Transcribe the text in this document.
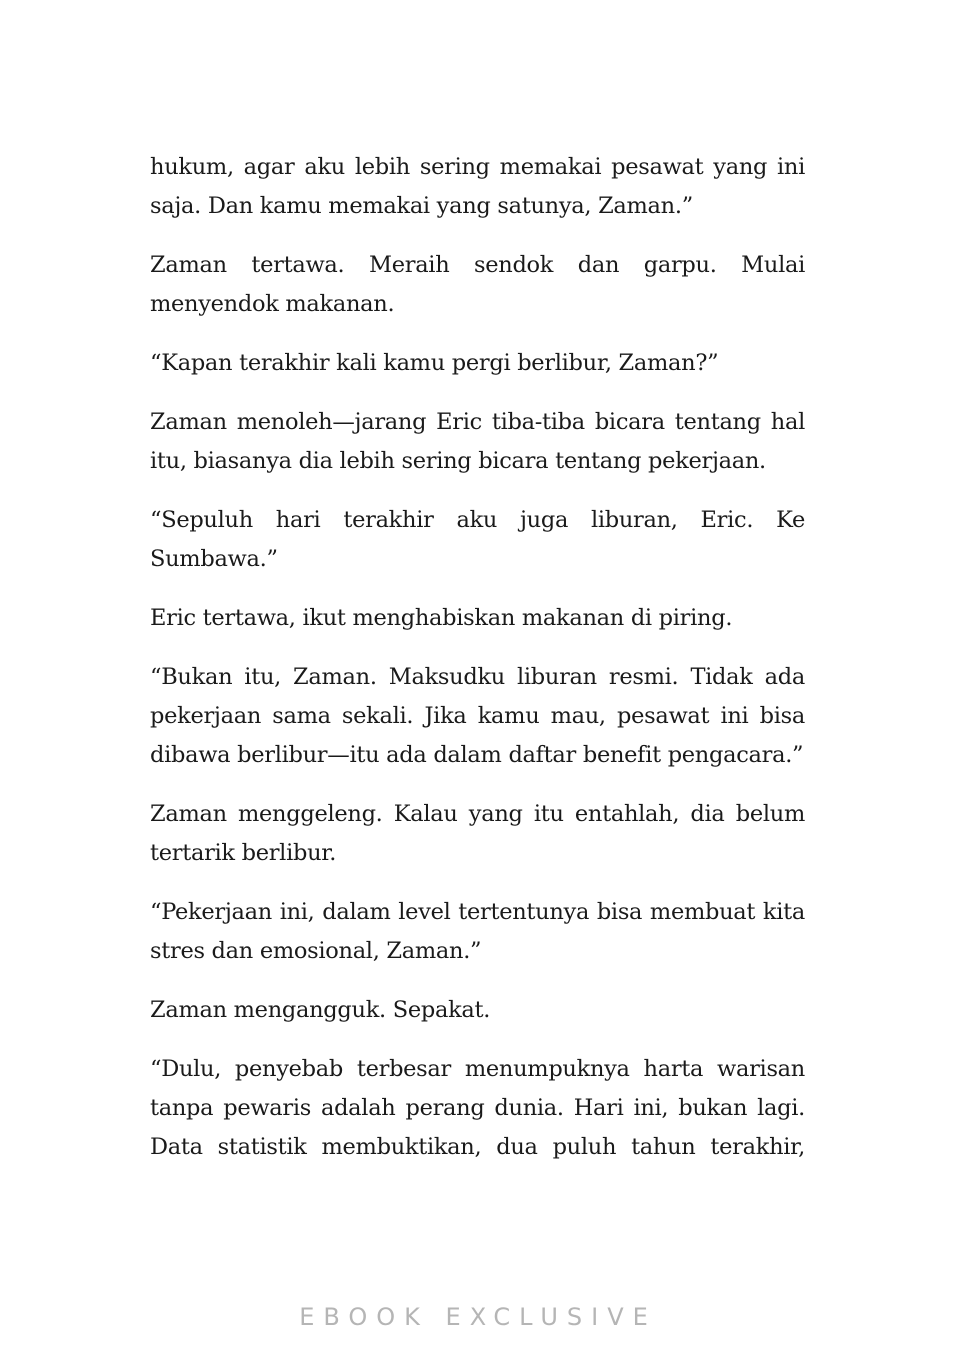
hukum, agar aku lebih sering memakai pesawat yang ini saja. Dan kamu memakai yang satunya, Zaman.”

Zaman tertawa. Meraih sendok dan garpu. Mulai menyendok makanan.

“Kapan terakhir kali kamu pergi berlibur, Zaman?”

Zaman menoleh—jarang Eric tiba-tiba bicara tentang hal itu, biasanya dia lebih sering bicara tentang pekerjaan.

“Sepuluh hari terakhir aku juga liburan, Eric. Ke Sumbawa.”

Eric tertawa, ikut menghabiskan makanan di piring.

“Bukan itu, Zaman. Maksudku liburan resmi. Tidak ada pekerjaan sama sekali. Jika kamu mau, pesawat ini bisa dibawa berlibur—itu ada dalam daftar benefit pengacara.”

Zaman menggeleng. Kalau yang itu entahlah, dia belum tertarik berlibur.

“Pekerjaan ini, dalam level tertentunya bisa membuat kita stres dan emosional, Zaman.”

Zaman mengangguk. Sepakat.

“Dulu, penyebab terbesar menumpuknya harta warisan tanpa pewaris adalah perang dunia. Hari ini, bukan lagi. Data statistik membuktikan, dua puluh tahun terakhir,

EBOOK EXCLUSIVE
